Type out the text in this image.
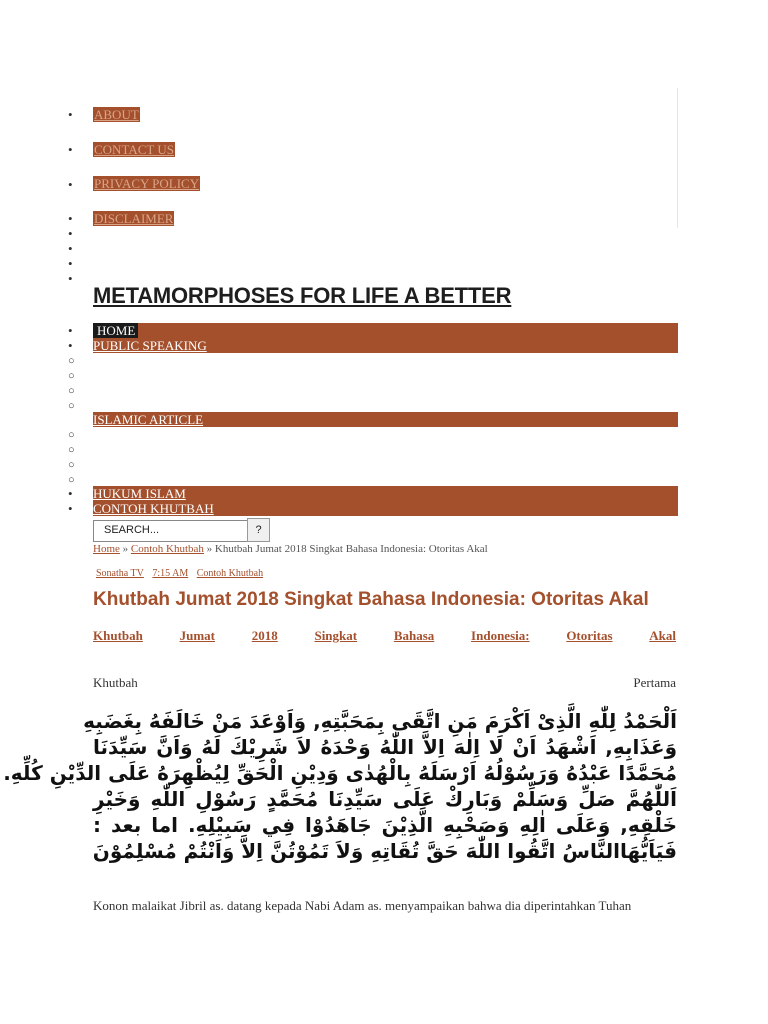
•
•
•
•
•
•
•
•
ABOUT
CONTACT US
PRIVACY POLICY
DISCLAIMER
METAMORPHOSES FOR LIFE A BETTER
•
•
HOME
PUBLIC SPEAKING
○
○
○
○
ISLAMIC ARTICLE
○
○
○
○
•
•
HUKUM ISLAM
CONTOH KHUTBAH
SEARCH...	?
Home » Contoh Khutbah » Khutbah Jumat 2018 Singkat Bahasa Indonesia: Otoritas Akal
Sonatha TV 7:15 AM Contoh Khutbah
Khutbah Jumat 2018 Singkat Bahasa Indonesia: Otoritas Akal
Khutbah	Jumat	2018	Singkat	Bahasa	Indonesia:	Otoritas	Akal
Khutbah	Pertama
اَلْحَمْدُ لِلّٰهِ الَّذِىْ اَكْرَمَ مَنِ اتَّقَى بِمَحَبَّتِهِ, وَاَوْعَدَ مَنْ خَالَفَهُ بِغَضَبِهِ
وَعَذَابِهِ, اَشْهَدُ اَنْ لَا اِلٰهَ اِلاَّ اللّٰهُ وَحْدَهُ لاَ شَرِيْكَ لَهُ وَاَنَّ سَيِّدَنَا
مُحَمَّدًا عَبْدُهُ وَرَسُوْلُهُ اَرْسَلَهُ بِالْهُدٰى وَدِيْنِ الْحَقِّ لِيُظْهِرَهُ عَلَى الدِّيْنِ كُلِّهِ.
اَللّٰهُمَّ صَلِّ وَسَلِّمْ وَبَارِكْ عَلَى سَيِّدِنَا مُحَمَّدٍ رَسُوْلِ اللّٰهِ وَخَيْرِ
خَلْقِهِ, وَعَلَى اٰلِهِ وَصَحْبِهِ الَّذِيْنَ جَاهَدُوْا فِي سَبِيْلِهِ. اما بعد :
فَيَاَيُّهَاالنَّاسُ اتَّقُوا اللّٰهَ حَقَّ تُقَاتِهِ وَلاَ تَمُوْتُنَّ اِلاَّ وَاَنْتُمْ مُسْلِمُوْنَ
Konon malaikat Jibril as. datang kepada Nabi Adam as. menyampaikan bahwa dia diperintahkan Tuhan
